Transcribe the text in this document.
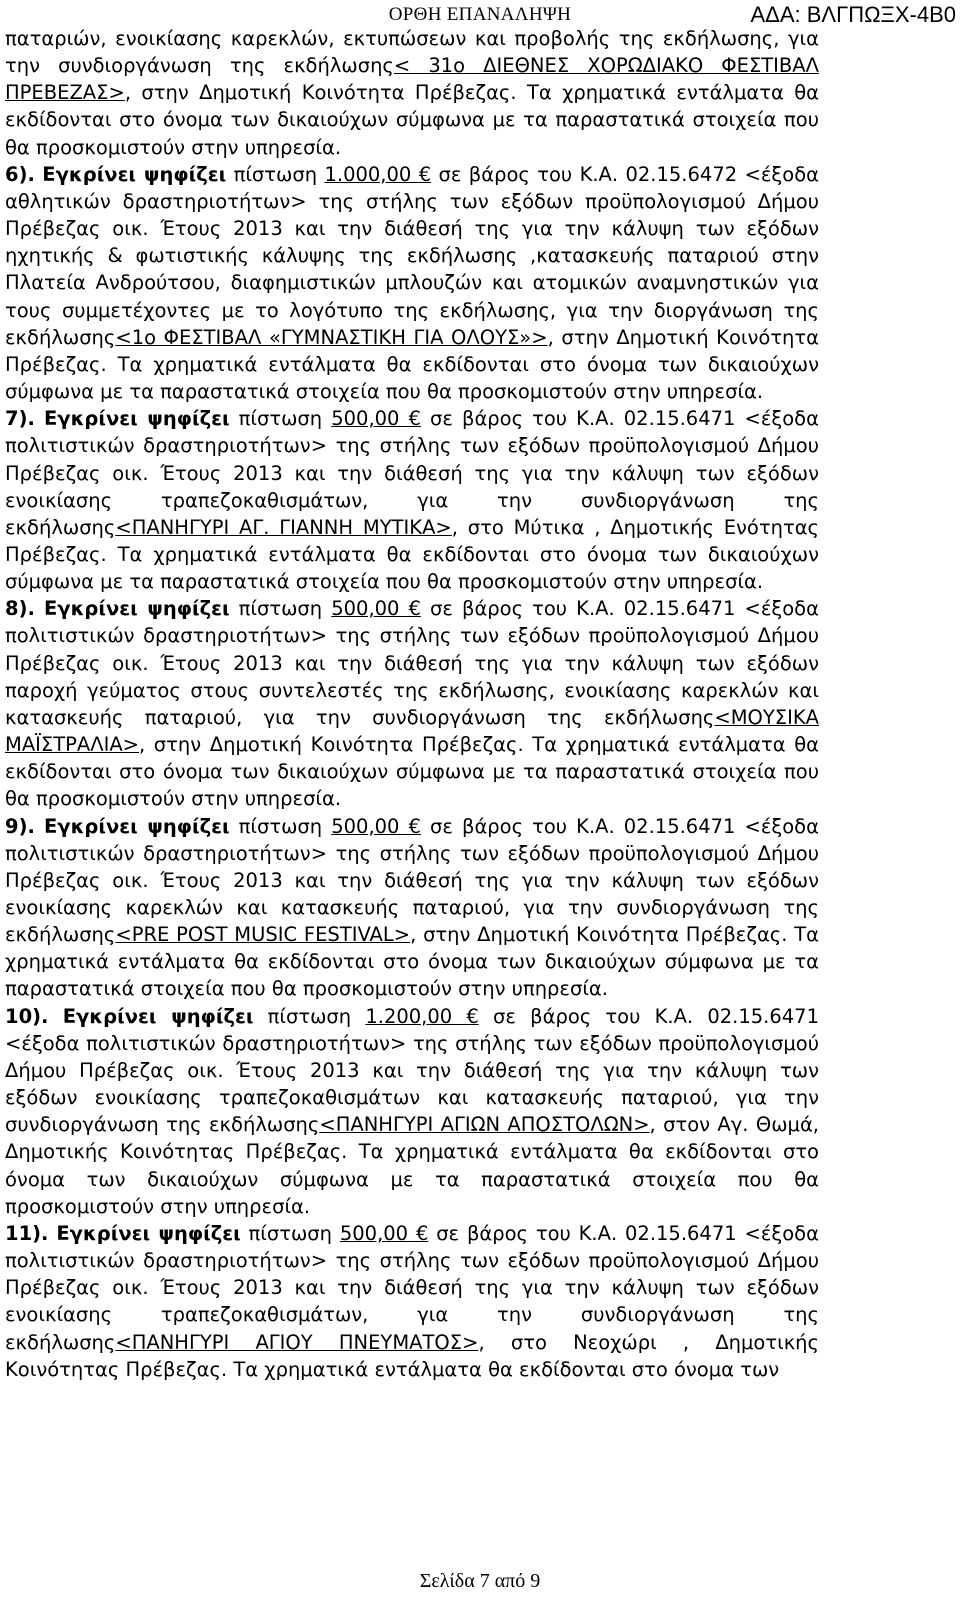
ΟΡΘΗ ΕΠΑΝΑΛΗΨΗ	ΑΔΑ: ΒΛΓΠΩΞΧ-4Β0

παταριών, ενοικίασης καρεκλών, εκτυπώσεων και προβολής της εκδήλωσης, για την συνδιοργάνωση της εκδήλωσης< 31ο ΔΙΕΘΝΕΣ ΧΟΡΩΔΙΑΚΟ ΦΕΣΤΙΒΑΛ ΠΡΕΒΕΖΑΣ>, στην Δημοτική Κοινότητα Πρέβεζας. Τα χρηματικά εντάλματα θα εκδίδονται στο όνομα των δικαιούχων σύμφωνα με τα παραστατικά στοιχεία που θα προσκομιστούν στην υπηρεσία.

6). Εγκρίνει ψηφίζει πίστωση 1.000,00 € σε βάρος του Κ.Α. 02.15.6472 <έξοδα αθλητικών δραστηριοτήτων> της στήλης των εξόδων προϋπολογισμού Δήμου Πρέβεζας οικ. Έτους 2013 και την διάθεσή της για την κάλυψη των εξόδων ηχητικής & φωτιστικής κάλυψης της εκδήλωσης ,κατασκευής παταριού στην Πλατεία Ανδρούτσου, διαφημιστικών μπλουζών και ατομικών αναμνηστικών για τους συμμετέχοντες με το λογότυπο της εκδήλωσης, για την διοργάνωση της εκδήλωσης<1ο ΦΕΣΤΙΒΑΛ «ΓΥΜΝΑΣΤΙΚΗ ΓΙΑ ΟΛΟΥΣ»>, στην Δημοτική Κοινότητα Πρέβεζας. Τα χρηματικά εντάλματα θα εκδίδονται στο όνομα των δικαιούχων σύμφωνα με τα παραστατικά στοιχεία που θα προσκομιστούν στην υπηρεσία.

7). Εγκρίνει ψηφίζει πίστωση 500,00 € σε βάρος του Κ.Α. 02.15.6471 <έξοδα πολιτιστικών δραστηριοτήτων> της στήλης των εξόδων προϋπολογισμού Δήμου Πρέβεζας οικ. Έτους 2013 και την διάθεσή της για την κάλυψη των εξόδων ενοικίασης τραπεζοκαθισμάτων, για την συνδιοργάνωση της εκδήλωσης<ΠΑΝΗΓΥΡΙ ΑΓ. ΓΙΑΝΝΗ ΜΥΤΙΚΑ>, στο Μύτικα , Δημοτικής Ενότητας Πρέβεζας. Τα χρηματικά εντάλματα θα εκδίδονται στο όνομα των δικαιούχων σύμφωνα με τα παραστατικά στοιχεία που θα προσκομιστούν στην υπηρεσία.

8). Εγκρίνει ψηφίζει πίστωση 500,00 € σε βάρος του Κ.Α. 02.15.6471 <έξοδα πολιτιστικών δραστηριοτήτων> της στήλης των εξόδων προϋπολογισμού Δήμου Πρέβεζας οικ. Έτους 2013 και την διάθεσή της για την κάλυψη των εξόδων παροχή γεύματος στους συντελεστές της εκδήλωσης, ενοικίασης καρεκλών και κατασκευής παταριού, για την συνδιοργάνωση της εκδήλωσης<ΜΟΥΣΙΚΑ ΜΑΪΣΤΡΑΛΙΑ>, στην Δημοτική Κοινότητα Πρέβεζας. Τα χρηματικά εντάλματα θα εκδίδονται στο όνομα των δικαιούχων σύμφωνα με τα παραστατικά στοιχεία που θα προσκομιστούν στην υπηρεσία.

9). Εγκρίνει ψηφίζει πίστωση 500,00 € σε βάρος του Κ.Α. 02.15.6471 <έξοδα πολιτιστικών δραστηριοτήτων> της στήλης των εξόδων προϋπολογισμού Δήμου Πρέβεζας οικ. Έτους 2013 και την διάθεσή της για την κάλυψη των εξόδων ενοικίασης καρεκλών και κατασκευής παταριού, για την συνδιοργάνωση της εκδήλωσης<PRE POST MUSIC FESTIVAL>, στην Δημοτική Κοινότητα Πρέβεζας. Τα χρηματικά εντάλματα θα εκδίδονται στο όνομα των δικαιούχων σύμφωνα με τα παραστατικά στοιχεία που θα προσκομιστούν στην υπηρεσία.

10). Εγκρίνει ψηφίζει πίστωση 1.200,00 € σε βάρος του Κ.Α. 02.15.6471 <έξοδα πολιτιστικών δραστηριοτήτων> της στήλης των εξόδων προϋπολογισμού Δήμου Πρέβεζας οικ. Έτους 2013 και την διάθεσή της για την κάλυψη των εξόδων ενοικίασης τραπεζοκαθισμάτων και κατασκευής παταριού, για την συνδιοργάνωση της εκδήλωσης<ΠΑΝΗΓΥΡΙ ΑΓΙΩΝ ΑΠΟΣΤΟΛΩΝ>, στον Αγ. Θωμά, Δημοτικής Κοινότητας Πρέβεζας. Τα χρηματικά εντάλματα θα εκδίδονται στο όνομα των δικαιούχων σύμφωνα με τα παραστατικά στοιχεία που θα προσκομιστούν στην υπηρεσία.

11). Εγκρίνει ψηφίζει πίστωση 500,00 € σε βάρος του Κ.Α. 02.15.6471 <έξοδα πολιτιστικών δραστηριοτήτων> της στήλης των εξόδων προϋπολογισμού Δήμου Πρέβεζας οικ. Έτους 2013 και την διάθεσή της για την κάλυψη των εξόδων ενοικίασης τραπεζοκαθισμάτων, για την συνδιοργάνωση της εκδήλωσης<ΠΑΝΗΓΥΡΙ ΑΓΙΟΥ ΠΝΕΥΜΑΤΟΣ>, στο Νεοχώρι , Δημοτικής Κοινότητας Πρέβεζας. Τα χρηματικά εντάλματα θα εκδίδονται στο όνομα των

Σελίδα 7 από 9
